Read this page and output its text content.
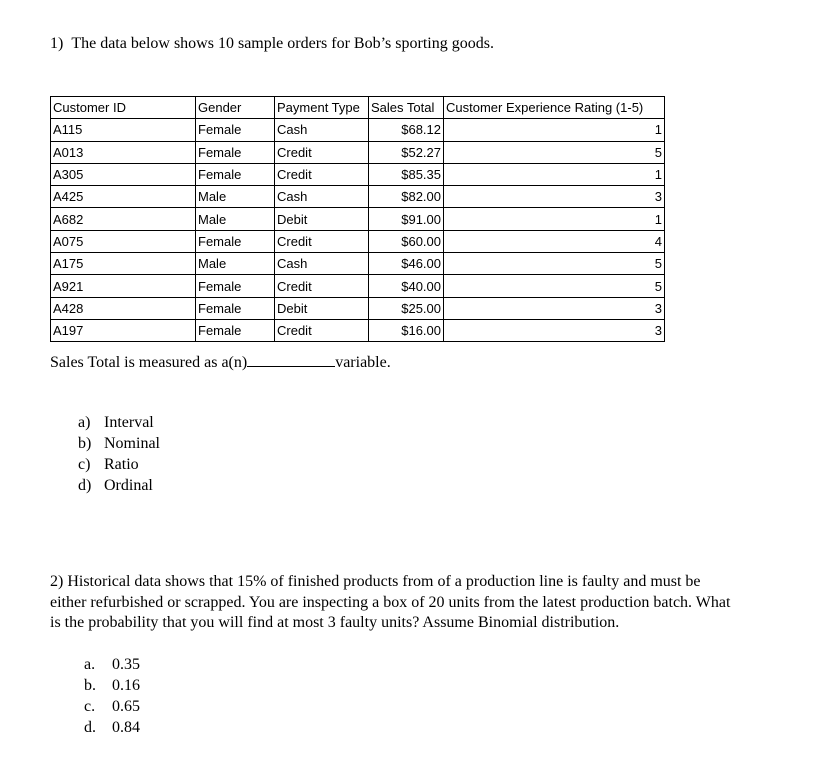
1) The data below shows 10 sample orders for Bob’s sporting goods.
Customer ID	Gender	Payment Type	Sales Total	Customer Experience Rating (1-5)
A115	Female	Cash	$68.12	1
A013	Female	Credit	$52.27	5
A305	Female	Credit	$85.35	1
A425	Male	Cash	$82.00	3
A682	Male	Debit	$91.00	1
A075	Female	Credit	$60.00	4
A175	Male	Cash	$46.00	5
A921	Female	Credit	$40.00	5
A428	Female	Debit	$25.00	3
A197	Female	Credit	$16.00	3
Sales Total is measured as a(n)	variable.
a) Interval
b) Nominal
c) Ratio
d) Ordinal
2) Historical data shows that 15% of finished products from of a production line is faulty and must be either refurbished or scrapped. You are inspecting a box of 20 units from the latest production batch. What is the probability that you will find at most 3 faulty units? Assume Binomial distribution.
a. 0.35
b. 0.16
c. 0.65
d. 0.84
